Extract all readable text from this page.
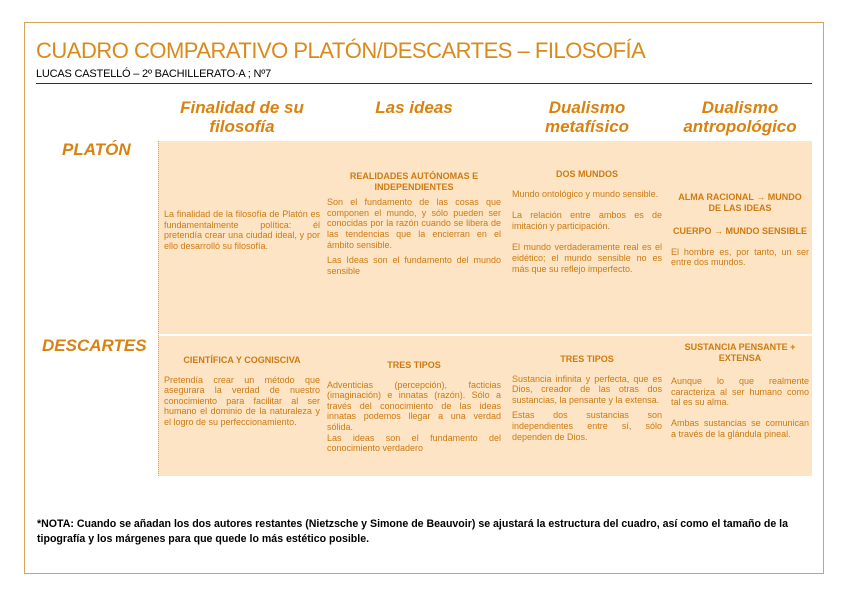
CUADRO COMPARATIVO PLATÓN/DESCARTES – FILOSOFÍA
LUCAS CASTELLÓ – 2º BACHILLERATO·A ; Nº7
Finalidad de su filosofía
Las ideas	Dualismo metafísico
Dualismo antropológico
PLATÓN
DESCARTES

La finalidad de la filosofía de Platón es fundamentalmente política: él pretendía crear una ciudad ideal, y por ello desarrolló su filosofía.

REALIDADES AUTÓNOMAS E INDEPENDIENTES

Son el fundamento de las cosas que componen el mundo, y sólo pueden ser conocidas por la razón cuando se libera de las tendencias que la encierran en el ámbito sensible.

Las Ideas son el fundamento del mundo sensible

DOS MUNDOS

Mundo ontológico y mundo sensible.

La relación entre ambos es de imitación y participación.

El mundo verdaderamente real es el eidético; el mundo sensible no es más que su reflejo imperfecto.

ALMA RACIONAL → MUNDO DE LAS IDEAS

CUERPO → MUNDO SENSIBLE

El hombre es, por tanto, un ser entre dos mundos.

CIENTÍFICA Y COGNISCIVA

Pretendía crear un método que asegurara la verdad de nuestro conocimiento para facilitar al ser humano el dominio de la naturaleza y el logro de su perfeccionamiento.

TRES TIPOS

Adventicias (percepción), facticias (imaginación) e innatas (razón). Sólo a través del conocimiento de las ideas innatas podemos llegar a una verdad sólida.

Las ideas son el fundamento del conocimiento verdadero

TRES TIPOS

Sustancia infinita y perfecta, que es Dios, creador de las otras dos sustancias, la pensante y la extensa.

Estas dos sustancias son independientes entre sí, sólo dependen de Dios.

SUSTANCIA PENSANTE + EXTENSA

Aunque lo que realmente caracteriza al ser humano como tal es su alma.

Ambas sustancias se comunican a través de la glándula pineal.

*NOTA: Cuando se añadan los dos autores restantes (Nietzsche y Simone de Beauvoir) se ajustará la estructura del cuadro, así como el tamaño de la tipografía y los márgenes para que quede lo más estético posible.
